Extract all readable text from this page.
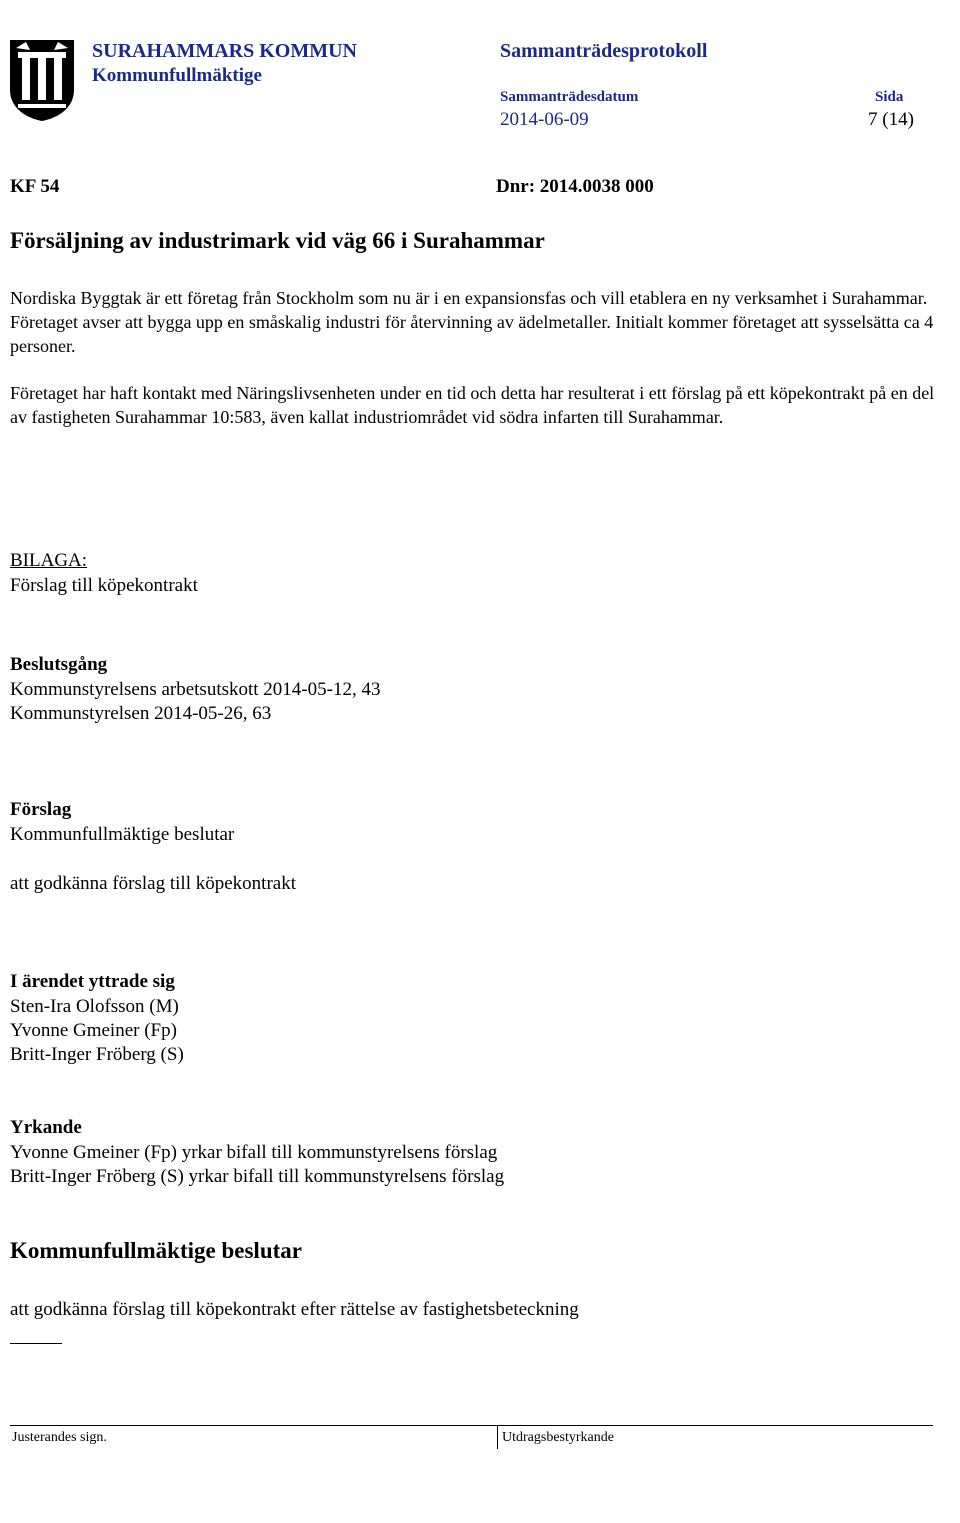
SURAHAMMARS KOMMUN
Kommunfullmäktige
Sammanträdesprotokoll
Sammanträdesdatum	Sida
2014-06-09	7 (14)
KF 54	Dnr: 2014.0038 000
Försäljning av industrimark vid väg 66 i Surahammar
Nordiska Byggtak är ett företag från Stockholm som nu är i en expansionsfas och vill etablera en ny verksamhet i Surahammar. Företaget avser att bygga upp en småskalig industri för återvinning av ädelmetaller. Initialt kommer företaget att sysselsätta ca 4 personer.
Företaget har haft kontakt med Näringslivsenheten under en tid och detta har resulterat i ett förslag på ett köpekontrakt på en del av fastigheten Surahammar 10:583, även kallat industriområdet vid södra infarten till Surahammar.
BILAGA:
Förslag till köpekontrakt
Beslutsgång
Kommunstyrelsens arbetsutskott 2014-05-12, 43
Kommunstyrelsen 2014-05-26, 63
Förslag
Kommunfullmäktige beslutar
att godkänna förslag till köpekontrakt
I ärendet yttrade sig
Sten-Ira Olofsson (M)
Yvonne Gmeiner (Fp)
Britt-Inger Fröberg (S)
Yrkande
Yvonne Gmeiner (Fp) yrkar bifall till kommunstyrelsens förslag
Britt-Inger Fröberg (S) yrkar bifall till kommunstyrelsens förslag
Kommunfullmäktige beslutar
att godkänna förslag till köpekontrakt efter rättelse av fastighetsbeteckning
Justerandes sign.	Utdragsbestyrkande
